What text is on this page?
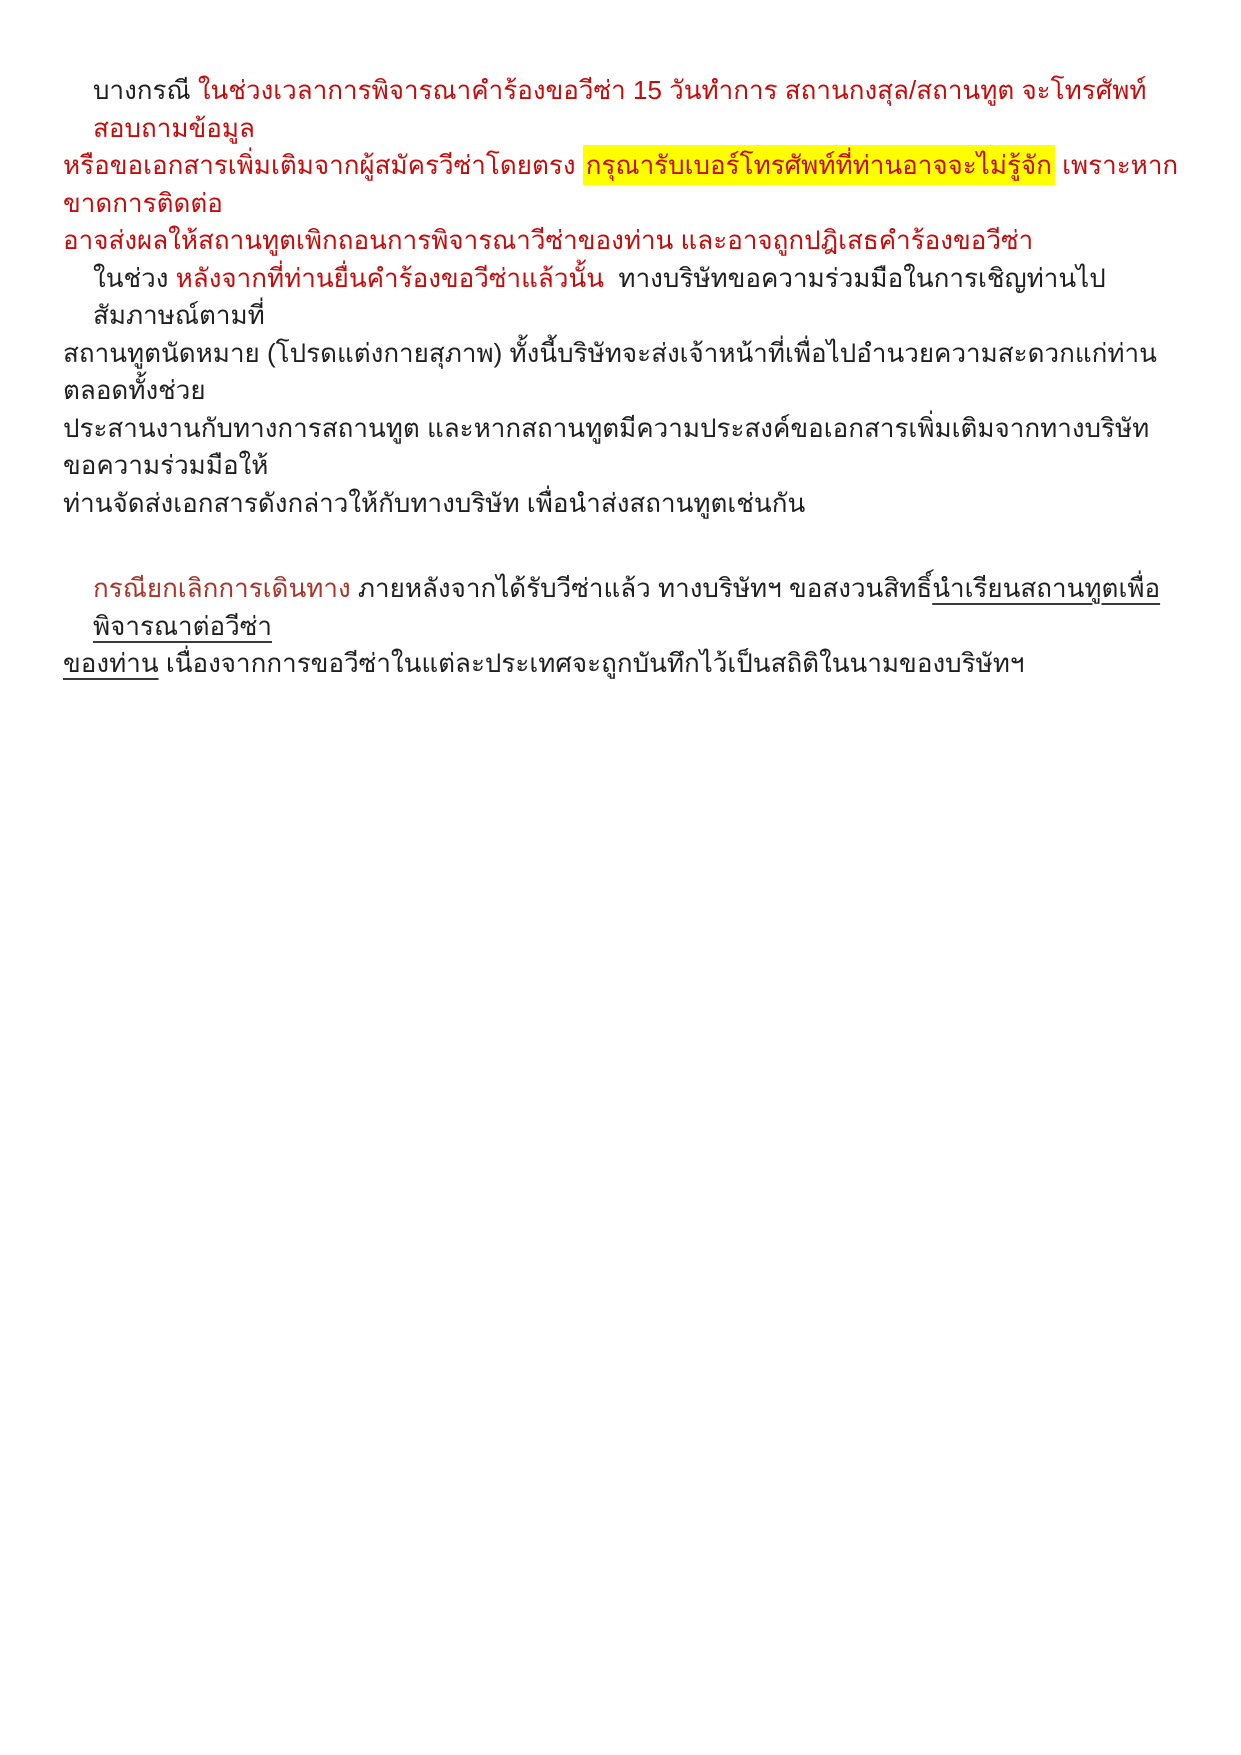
บางกรณี ในช่วงเวลาการพิจารณาคำร้องขอวีซ่า 15 วันทำการ สถานกงสุล/สถานทูต จะโทรศัพท์สอบถามข้อมูล
หรือขอเอกสารเพิ่มเติมจากผู้สมัครวีซ่าโดยตรง กรุณารับเบอร์โทรศัพท์ที่ท่านอาจจะไม่รู้จัก เพราะหากขาดการติดต่อ
อาจส่งผลให้สถานทูตเพิกถอนการพิจารณาวีซ่าของท่าน และอาจถูกปฎิเสธคำร้องขอวีซ่า
ในช่วง หลังจากที่ท่านยื่นคำร้องขอวีซ่าแล้วนั้น  ทางบริษัทขอความร่วมมือในการเชิญท่านไปสัมภาษณ์ตามที่
สถานทูตนัดหมาย (โปรดแต่งกายสุภาพ) ทั้งนี้บริษัทจะส่งเจ้าหน้าที่เพื่อไปอำนวยความสะดวกแก่ท่าน ตลอดทั้งช่วย
ประสานงานกับทางการสถานทูต และหากสถานทูตมีความประสงค์ขอเอกสารเพิ่มเติมจากทางบริษัท ขอความร่วมมือให้
ท่านจัดส่งเอกสารดังกล่าวให้กับทางบริษัท เพื่อนำส่งสถานทูตเช่นกัน
กรณียกเลิกการเดินทาง ภายหลังจากได้รับวีซ่าแล้ว ทางบริษัทฯ ขอสงวนสิทธิ์นำเรียนสถานทูตเพื่อพิจารณาต่อวีซ่า
ของท่าน เนื่องจากการขอวีซ่าในแต่ละประเทศจะถูกบันทึกไว้เป็นสถิติในนามของบริษัทฯ
